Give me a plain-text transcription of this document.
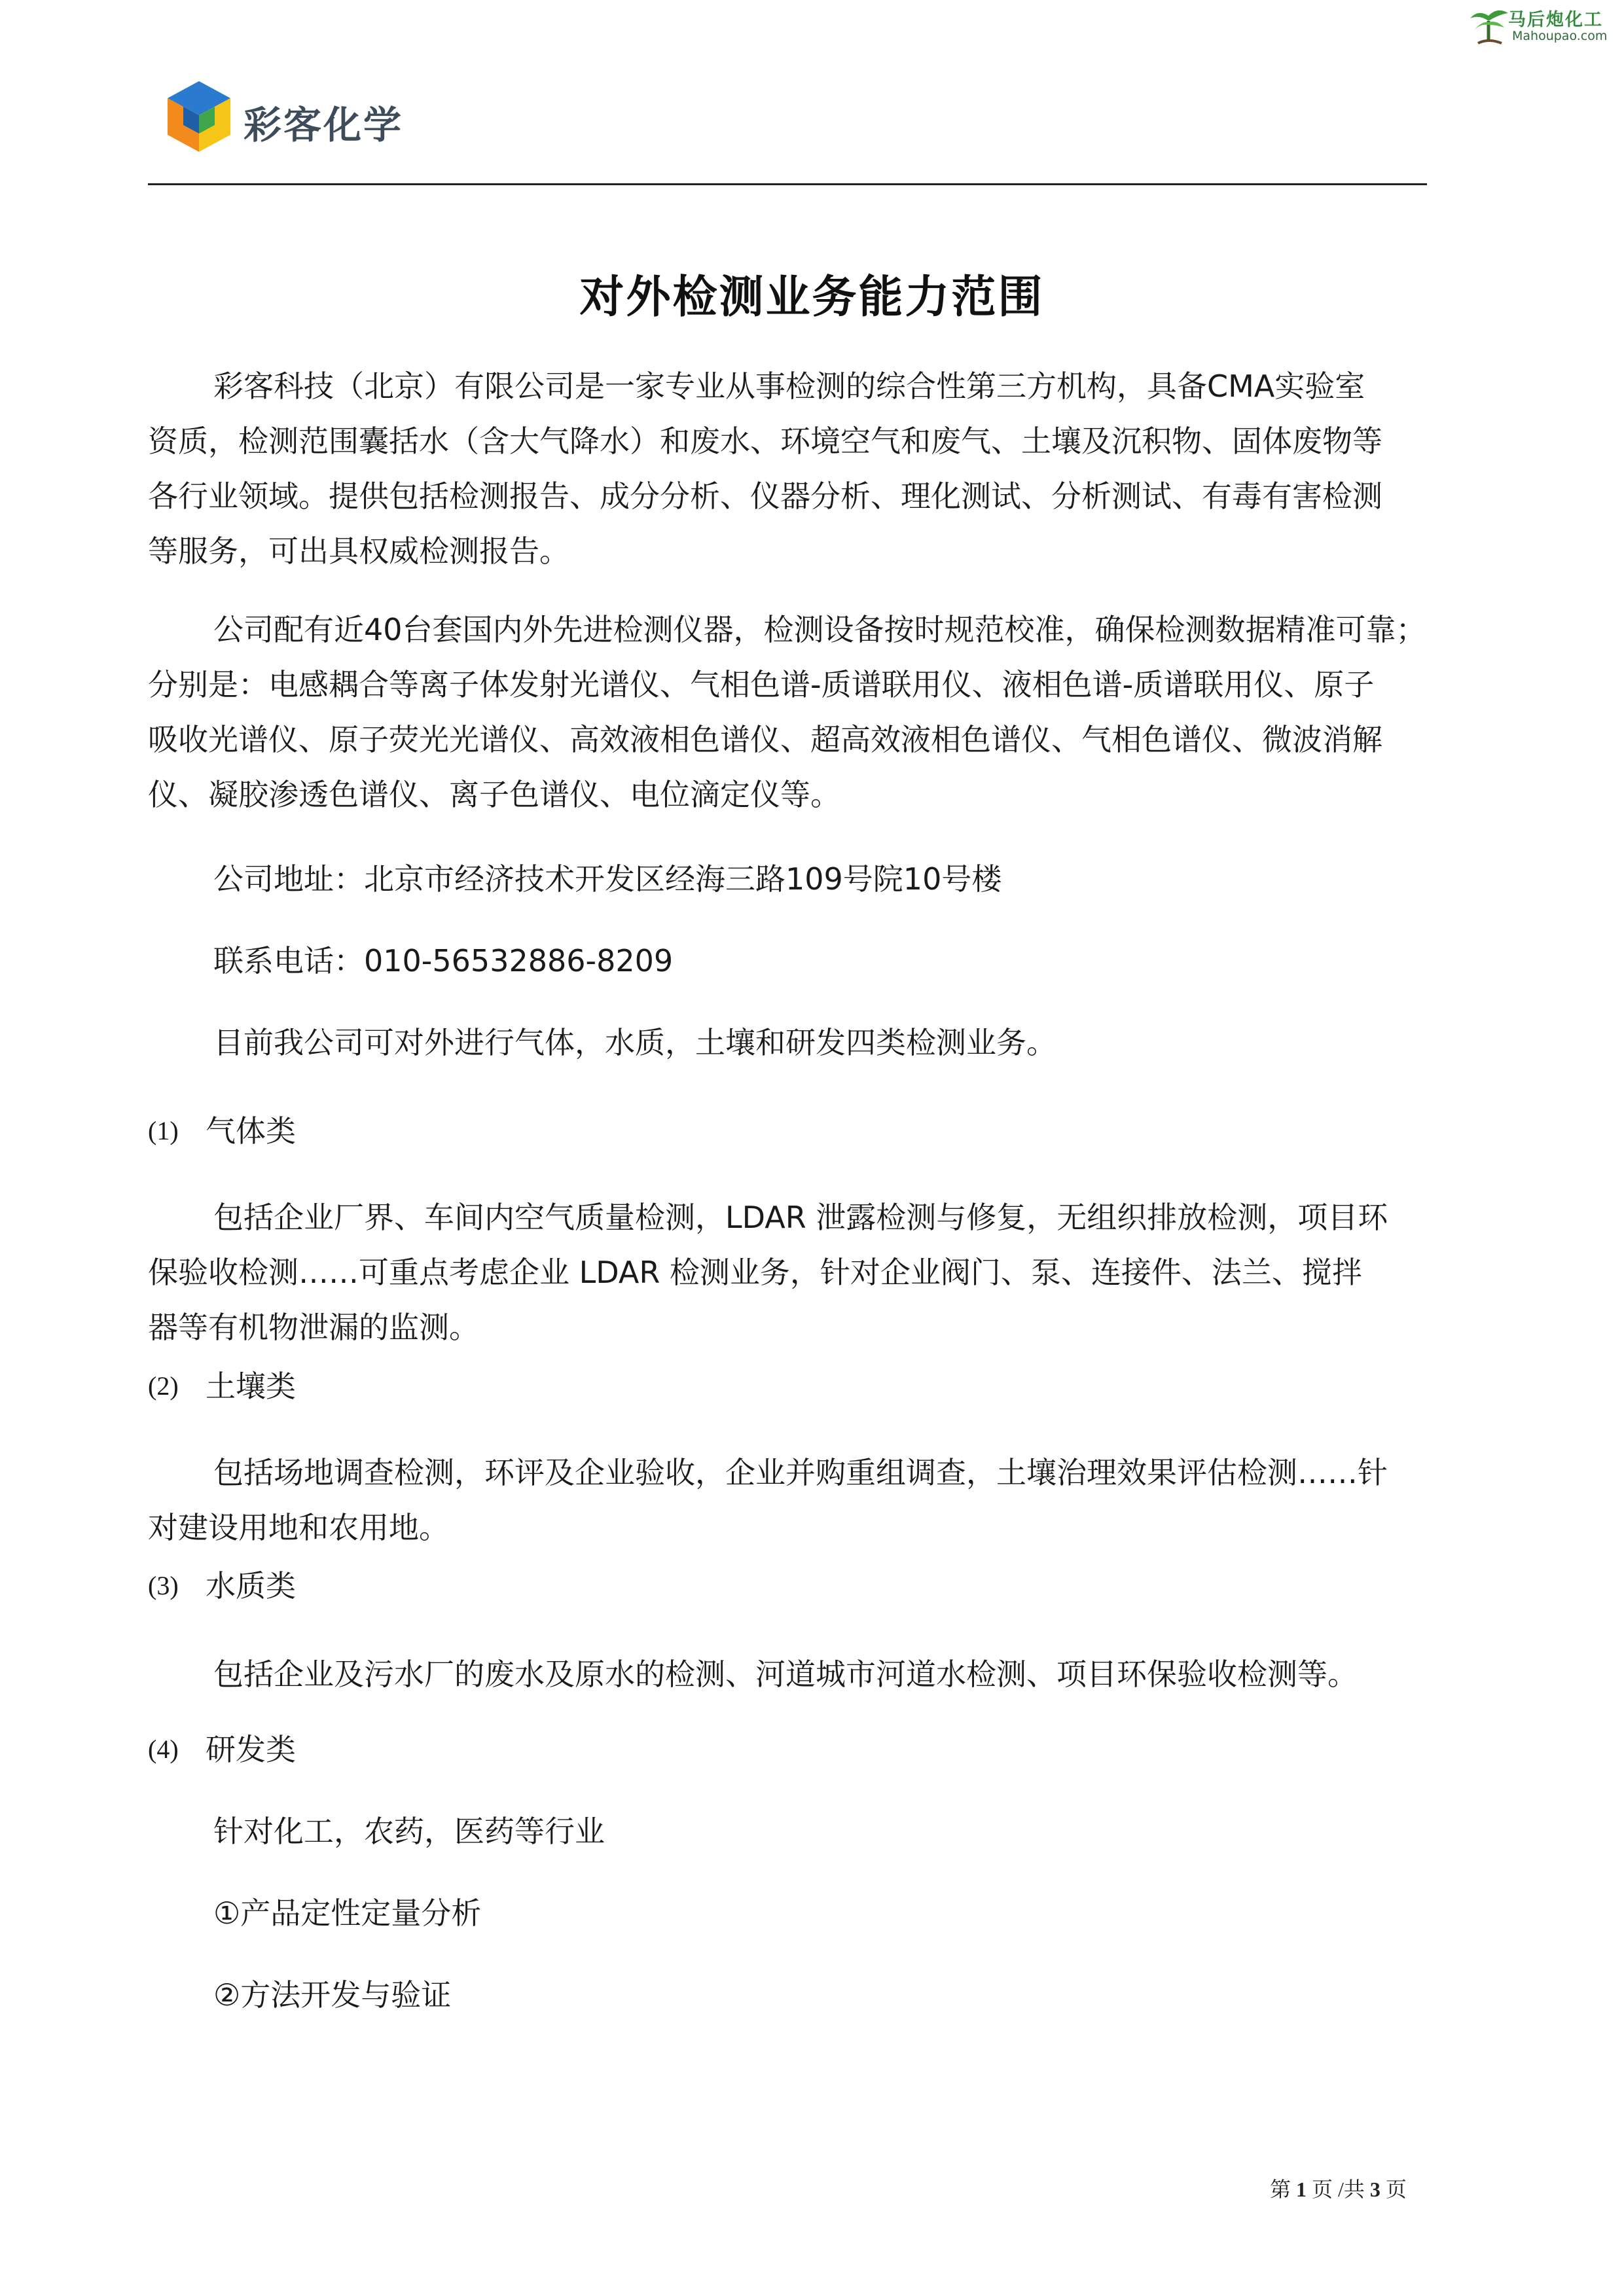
马后炮化工
Mahoupao.com
彩客化学
对外检测业务能力范围

彩客科技（北京）有限公司是一家专业从事检测的综合性第三方机构，具备CMA实验室
资质，检测范围囊括水（含大气降水）和废水、环境空气和废气、土壤及沉积物、固体废物等
各行业领域。提供包括检测报告、成分分析、仪器分析、理化测试、分析测试、有毒有害检测
等服务，可出具权威检测报告。

公司配有近40台套国内外先进检测仪器，检测设备按时规范校准，确保检测数据精准可靠；
分别是：电感耦合等离子体发射光谱仪、气相色谱-质谱联用仪、液相色谱-质谱联用仪、原子
吸收光谱仪、原子荧光光谱仪、高效液相色谱仪、超高效液相色谱仪、气相色谱仪、微波消解
仪、凝胶渗透色谱仪、离子色谱仪、电位滴定仪等。

公司地址：北京市经济技术开发区经海三路109号院10号楼
联系电话：010-56532886-8209
目前我公司可对外进行气体，水质，土壤和研发四类检测业务。
(1) 气体类

包括企业厂界、车间内空气质量检测，LDAR 泄露检测与修复，无组织排放检测，项目环
保验收检测……可重点考虑企业 LDAR 检测业务，针对企业阀门、泵、连接件、法兰、搅拌
器等有机物泄漏的监测。

(2) 土壤类

包括场地调查检测，环评及企业验收，企业并购重组调查，土壤治理效果评估检测……针
对建设用地和农用地。

(3) 水质类

包括企业及污水厂的废水及原水的检测、河道城市河道水检测、项目环保验收检测等。

(4) 研发类
针对化工，农药，医药等行业
①产品定性定量分析
②方法开发与验证
第 1 页 /共 3 页
